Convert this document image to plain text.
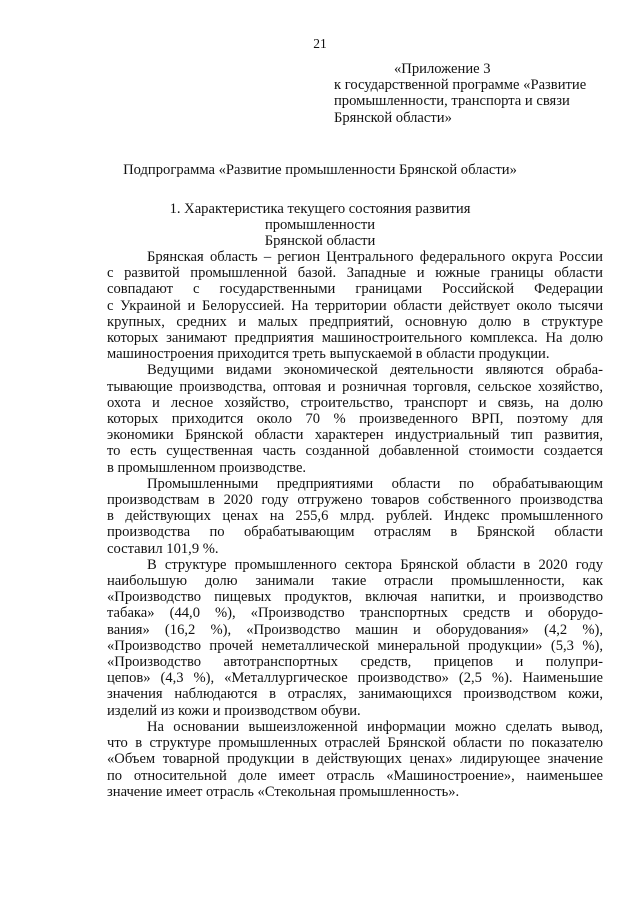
21
«Приложение 3
к государственной программе «Развитие
промышленности, транспорта и связи
Брянской области»
Подпрограмма «Развитие промышленности Брянской области»
1. Характеристика текущего состояния развития промышленности
Брянской области

Брянская область – регион Центрального федерального округа России

с развитой промышленной базой. Западные и южные границы области

совпадают с государственными границами Российской Федерации

с Украиной и Белоруссией. На территории области действует около тысячи

крупных, средних и малых предприятий, основную долю в структуре

которых занимают предприятия машиностроительного комплекса. На долю

машиностроения приходится треть выпускаемой в области продукции.

Ведущими видами экономической деятельности являются обраба-

тывающие производства, оптовая и розничная торговля, сельское хозяйство,

охота и лесное хозяйство, строительство, транспорт и связь, на долю

которых приходится около 70 % произведенного ВРП, поэтому для

экономики Брянской области характерен индустриальный тип развития,

то есть существенная часть созданной добавленной стоимости создается

в промышленном производстве.

Промышленными предприятиями области по обрабатывающим

производствам в 2020 году отгружено товаров собственного производства

в действующих ценах на 255,6 млрд. рублей. Индекс промышленного

производства по обрабатывающим отраслям в Брянской области

составил 101,9 %.

В структуре промышленного сектора Брянской области в 2020 году

наибольшую долю занимали такие отрасли промышленности, как

«Производство пищевых продуктов, включая напитки, и производство

табака» (44,0 %), «Производство транспортных средств и оборудо-

вания» (16,2 %), «Производство машин и оборудования» (4,2 %),

«Производство прочей неметаллической минеральной продукции» (5,3 %),

«Производство автотранспортных средств, прицепов и полупри-

цепов» (4,3 %), «Металлургическое производство» (2,5 %). Наименьшие

значения наблюдаются в отраслях, занимающихся производством кожи,

изделий из кожи и производством обуви.

На основании вышеизложенной информации можно сделать вывод,

что в структуре промышленных отраслей Брянской области по показателю

«Объем товарной продукции в действующих ценах» лидирующее значение

по относительной доле имеет отрасль «Машиностроение», наименьшее

значение имеет отрасль «Стекольная промышленность».
